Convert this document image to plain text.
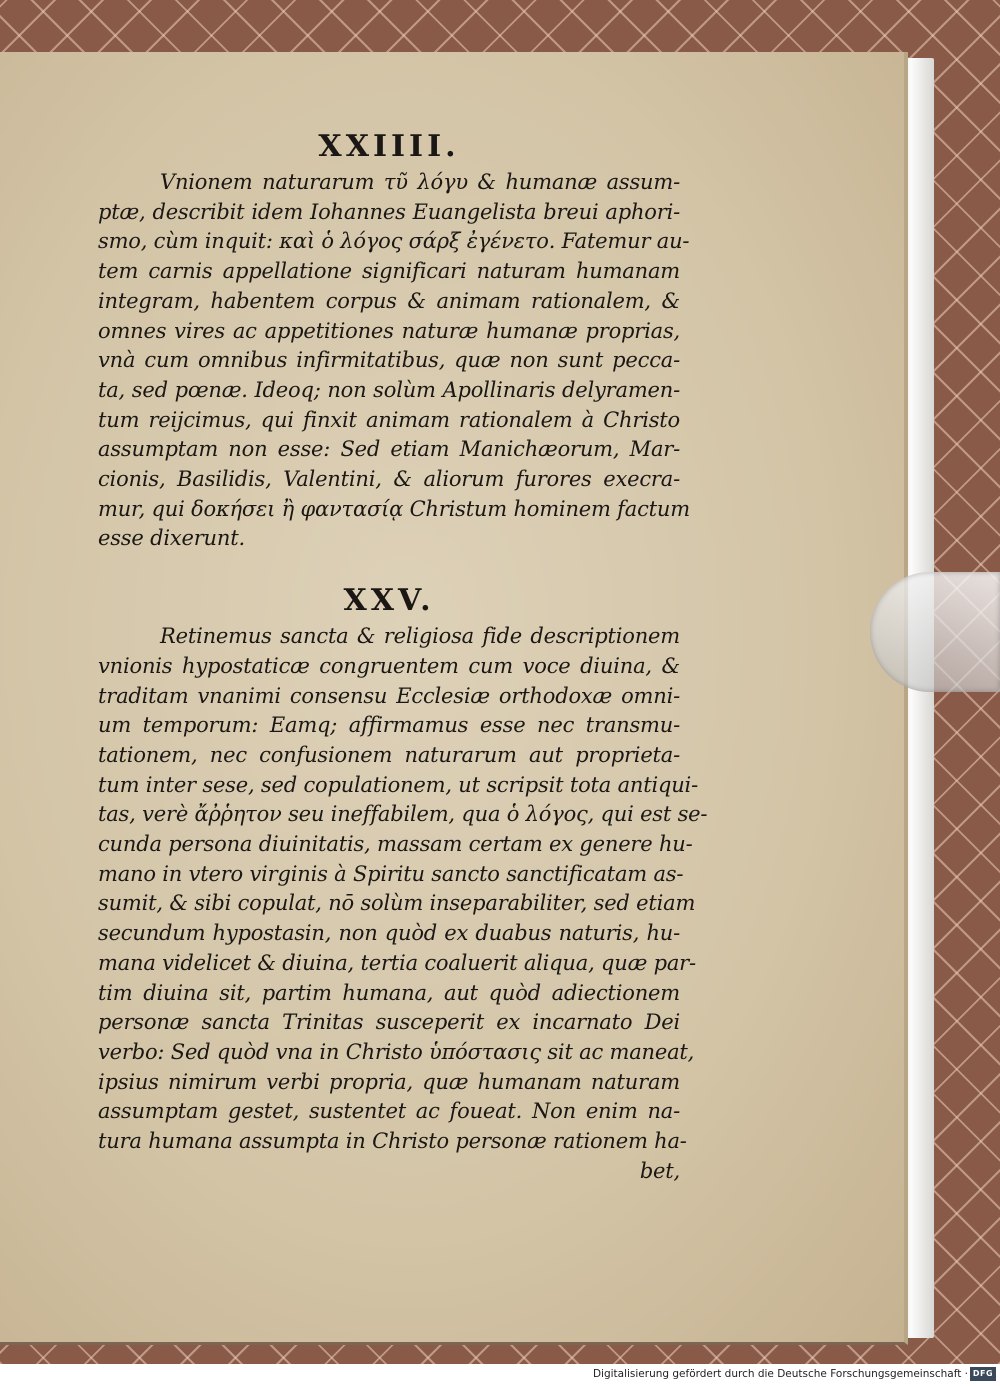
XXIIII.
Vnionem naturarum τῦ λόγυ & humanæ assum-
ptæ, describit idem Iohannes Euangelista breui aphori-
smo, cùm inquit: καὶ ὁ λόγος σάρξ ἐγένετο. Fatemur au-
tem carnis appellatione significari naturam humanam
integram, habentem corpus & animam rationalem, &
omnes vires ac appetitiones naturæ humanæ proprias,
vnà cum omnibus infirmitatibus, quæ non sunt pecca-
ta, sed pœnæ. Ideoq; non solùm Apollinaris delyramen-
tum reijcimus, qui finxit animam rationalem à Christo
assumptam non esse: Sed etiam Manichæorum, Mar-
cionis, Basilidis, Valentini, & aliorum furores execra-
mur, qui δοκήσει ἢ φαντασίᾳ Christum hominem factum
esse dixerunt.
XXV.
Retinemus sancta & religiosa fide descriptionem
vnionis hypostaticæ congruentem cum voce diuina, &
traditam vnanimi consensu Ecclesiæ orthodoxæ omni-
um temporum: Eamq; affirmamus esse nec transmu-
tationem, nec confusionem naturarum aut proprieta-
tum inter sese, sed copulationem, ut scripsit tota antiqui-
tas, verè ἄῤῥητον seu ineffabilem, qua ὁ λόγος, qui est se-
cunda persona diuinitatis, massam certam ex genere hu-
mano in vtero virginis à Spiritu sancto sanctificatam as-
sumit, & sibi copulat, nō solùm inseparabiliter, sed etiam
secundum hypostasin, non quòd ex duabus naturis, hu-
mana videlicet & diuina, tertia coaluerit aliqua, quæ par-
tim diuina sit, partim humana, aut quòd adiectionem
personæ sancta Trinitas susceperit ex incarnato Dei
verbo: Sed quòd vna in Christo ὑπόστασις sit ac maneat,
ipsius nimirum verbi propria, quæ humanam naturam
assumptam gestet, sustentet ac foueat. Non enim na-
tura humana assumpta in Christo personæ rationem ha-
bet,
Digitalisierung gefördert durch die Deutsche Forschungsgemeinschaft · DFG
